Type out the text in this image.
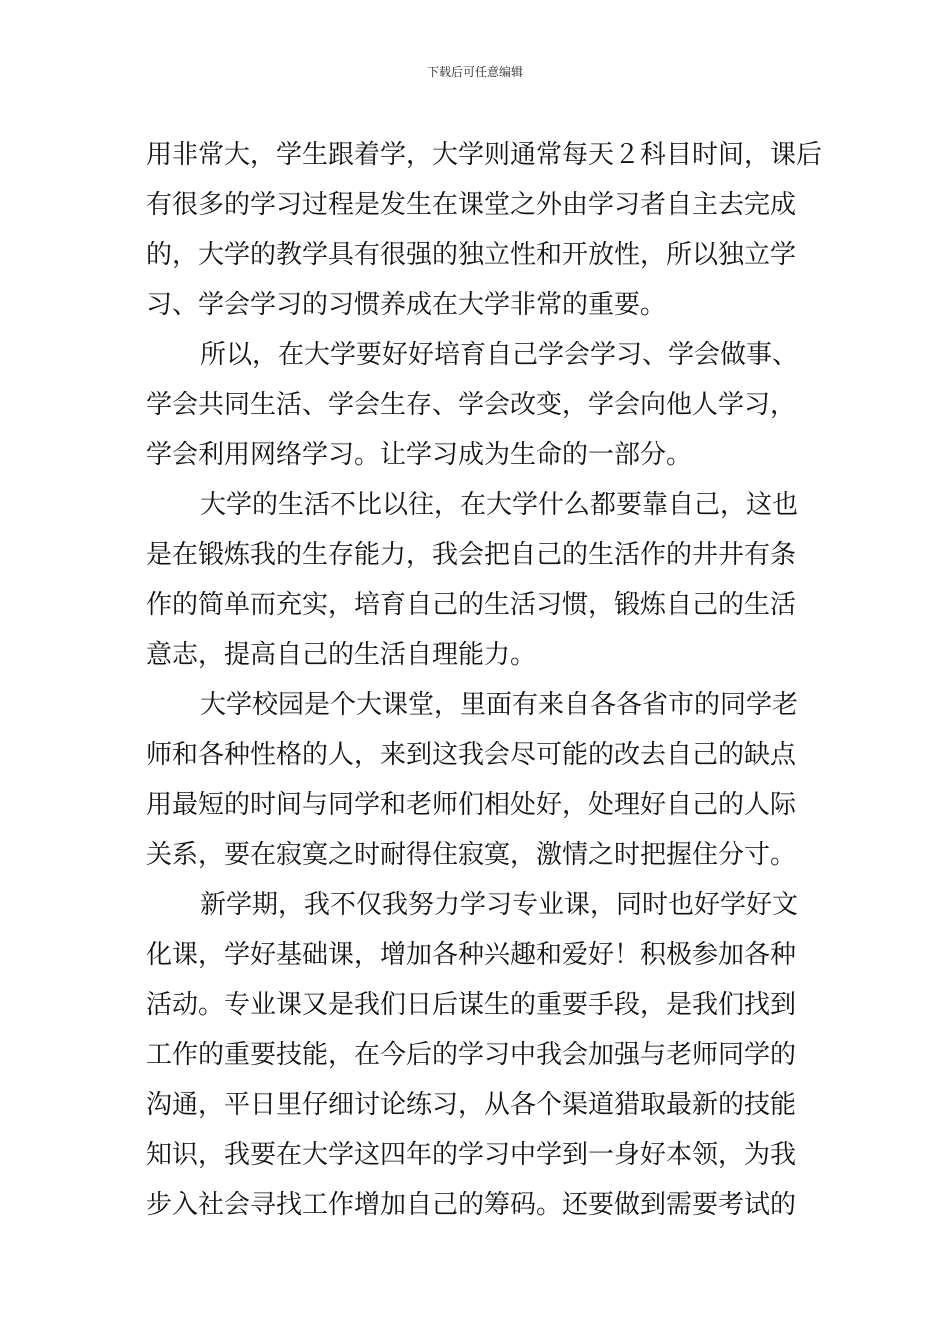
下载后可任意编辑
用非常大，学生跟着学，大学则通常每天２科目时间，课后
有很多的学习过程是发生在课堂之外由学习者自主去完成
的，大学的教学具有很强的独立性和开放性，所以独立学
习、学会学习的习惯养成在大学非常的重要。
所以，在大学要好好培育自己学会学习、学会做事、
学会共同生活、学会生存、学会改变，学会向他人学习，
学会利用网络学习。让学习成为生命的一部分。
大学的生活不比以往，在大学什么都要靠自己，这也
是在锻炼我的生存能力，我会把自己的生活作的井井有条
作的简单而充实，培育自己的生活习惯，锻炼自己的生活
意志，提高自己的生活自理能力。
大学校园是个大课堂，里面有来自各各省市的同学老
师和各种性格的人，来到这我会尽可能的改去自己的缺点
用最短的时间与同学和老师们相处好，处理好自己的人际
关系，要在寂寞之时耐得住寂寞，激情之时把握住分寸。
新学期，我不仅我努力学习专业课，同时也好学好文
化课，学好基础课，增加各种兴趣和爱好！积极参加各种
活动。专业课又是我们日后谋生的重要手段，是我们找到
工作的重要技能，在今后的学习中我会加强与老师同学的
沟通，平日里仔细讨论练习，从各个渠道猎取最新的技能
知识，我要在大学这四年的学习中学到一身好本领，为我
步入社会寻找工作增加自己的筹码。还要做到需要考试的
